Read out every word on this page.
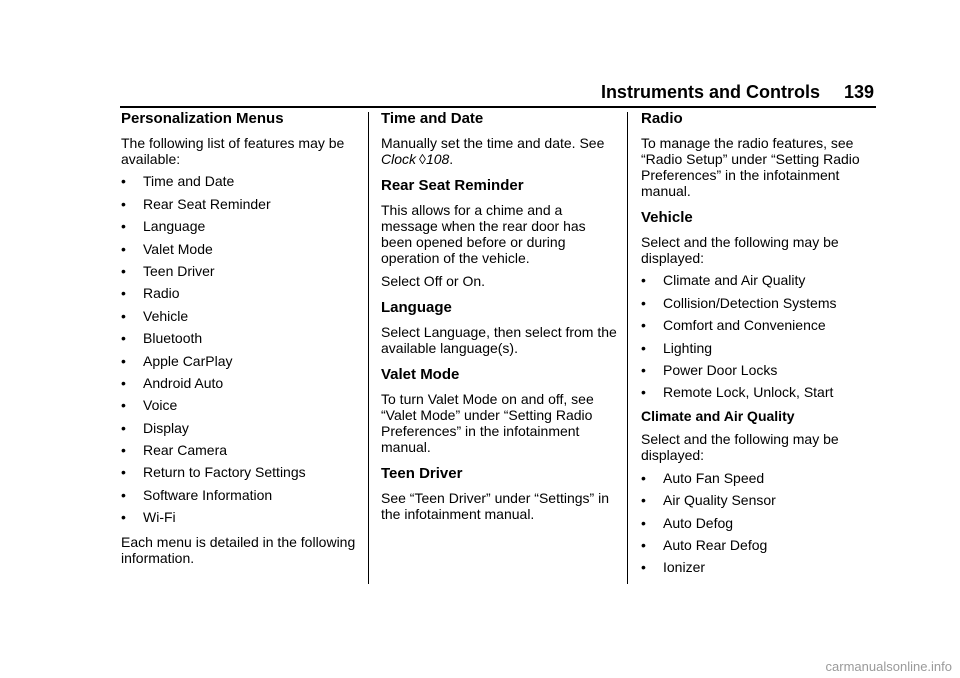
Instruments and Controls 139
Personalization Menus

The following list of features may be available:

•	Time and Date
•	Rear Seat Reminder
•	Language
•	Valet Mode
•	Teen Driver
•	Radio
•	Vehicle
•	Bluetooth
•	Apple CarPlay
•	Android Auto
•	Voice
•	Display
•	Rear Camera
•	Return to Factory Settings
•	Software Information
•	Wi-Fi

Each menu is detailed in the following information.

Time and Date

Manually set the time and date. See
Clock ◊108.

Rear Seat Reminder

This allows for a chime and a message when the rear door has been opened before or during operation of the vehicle.

Select Off or On.

Language

Select Language, then select from the available language(s).

Valet Mode

To turn Valet Mode on and off, see “Valet Mode” under “Setting Radio Preferences” in the infotainment manual.

Teen Driver

See “Teen Driver” under “Settings” in the infotainment manual.

Radio

To manage the radio features, see “Radio Setup” under “Setting Radio Preferences” in the infotainment manual.

Vehicle

Select and the following may be displayed:

•	Climate and Air Quality
•	Collision/Detection Systems
•	Comfort and Convenience
•	Lighting
•	Power Door Locks
•	Remote Lock, Unlock, Start

Climate and Air Quality

Select and the following may be displayed:

•	Auto Fan Speed
•	Air Quality Sensor
•	Auto Defog
•	Auto Rear Defog
•	Ionizer
carmanualsonline.info
